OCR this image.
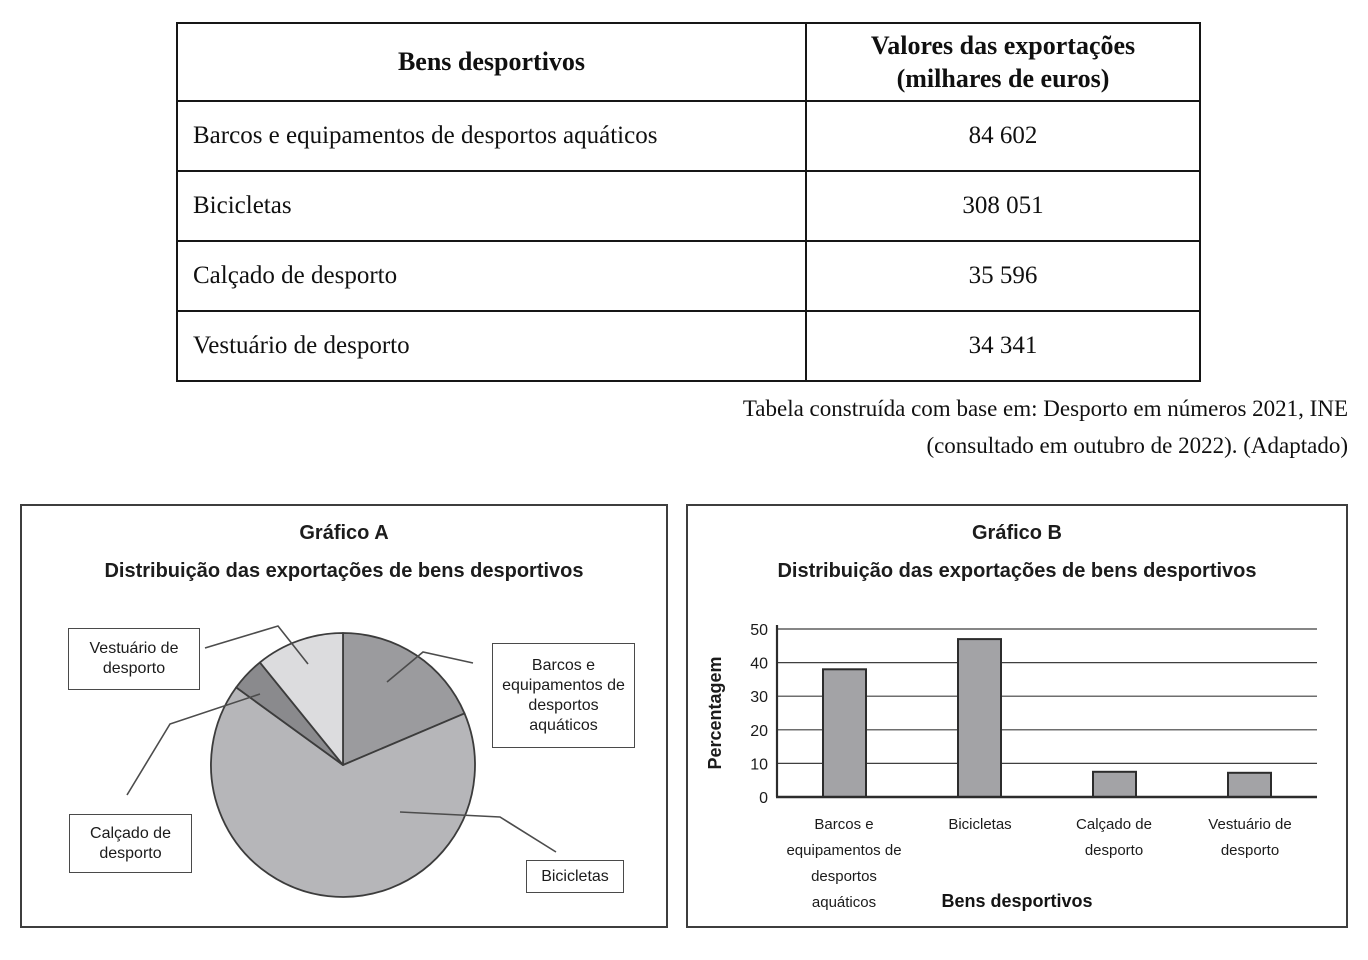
Bens desportivos	Valores das exportações
(milhares de euros)

Barcos e equipamentos de desportos aquáticos	84 602
Bicicletas	308 051
Calçado de desporto	35 596
Vestuário de desporto	34 341
Tabela construída com base em: Desporto em números 2021, INE
(consultado em outubro de 2022). (Adaptado)
Gráfico A
Distribuição das exportações de bens desportivos
Barcos e equipamentos de desportos aquáticos
Vestuário de desporto
Calçado de desporto
Bicicletas
Gráfico B
Distribuição das exportações de bens desportivos
0
10
20
30
40
50
Percentagem
Barcos e equipamentos de desportos aquáticos
Bicicletas	Calçado de desporto
Vestuário de desporto
Bens desportivos
